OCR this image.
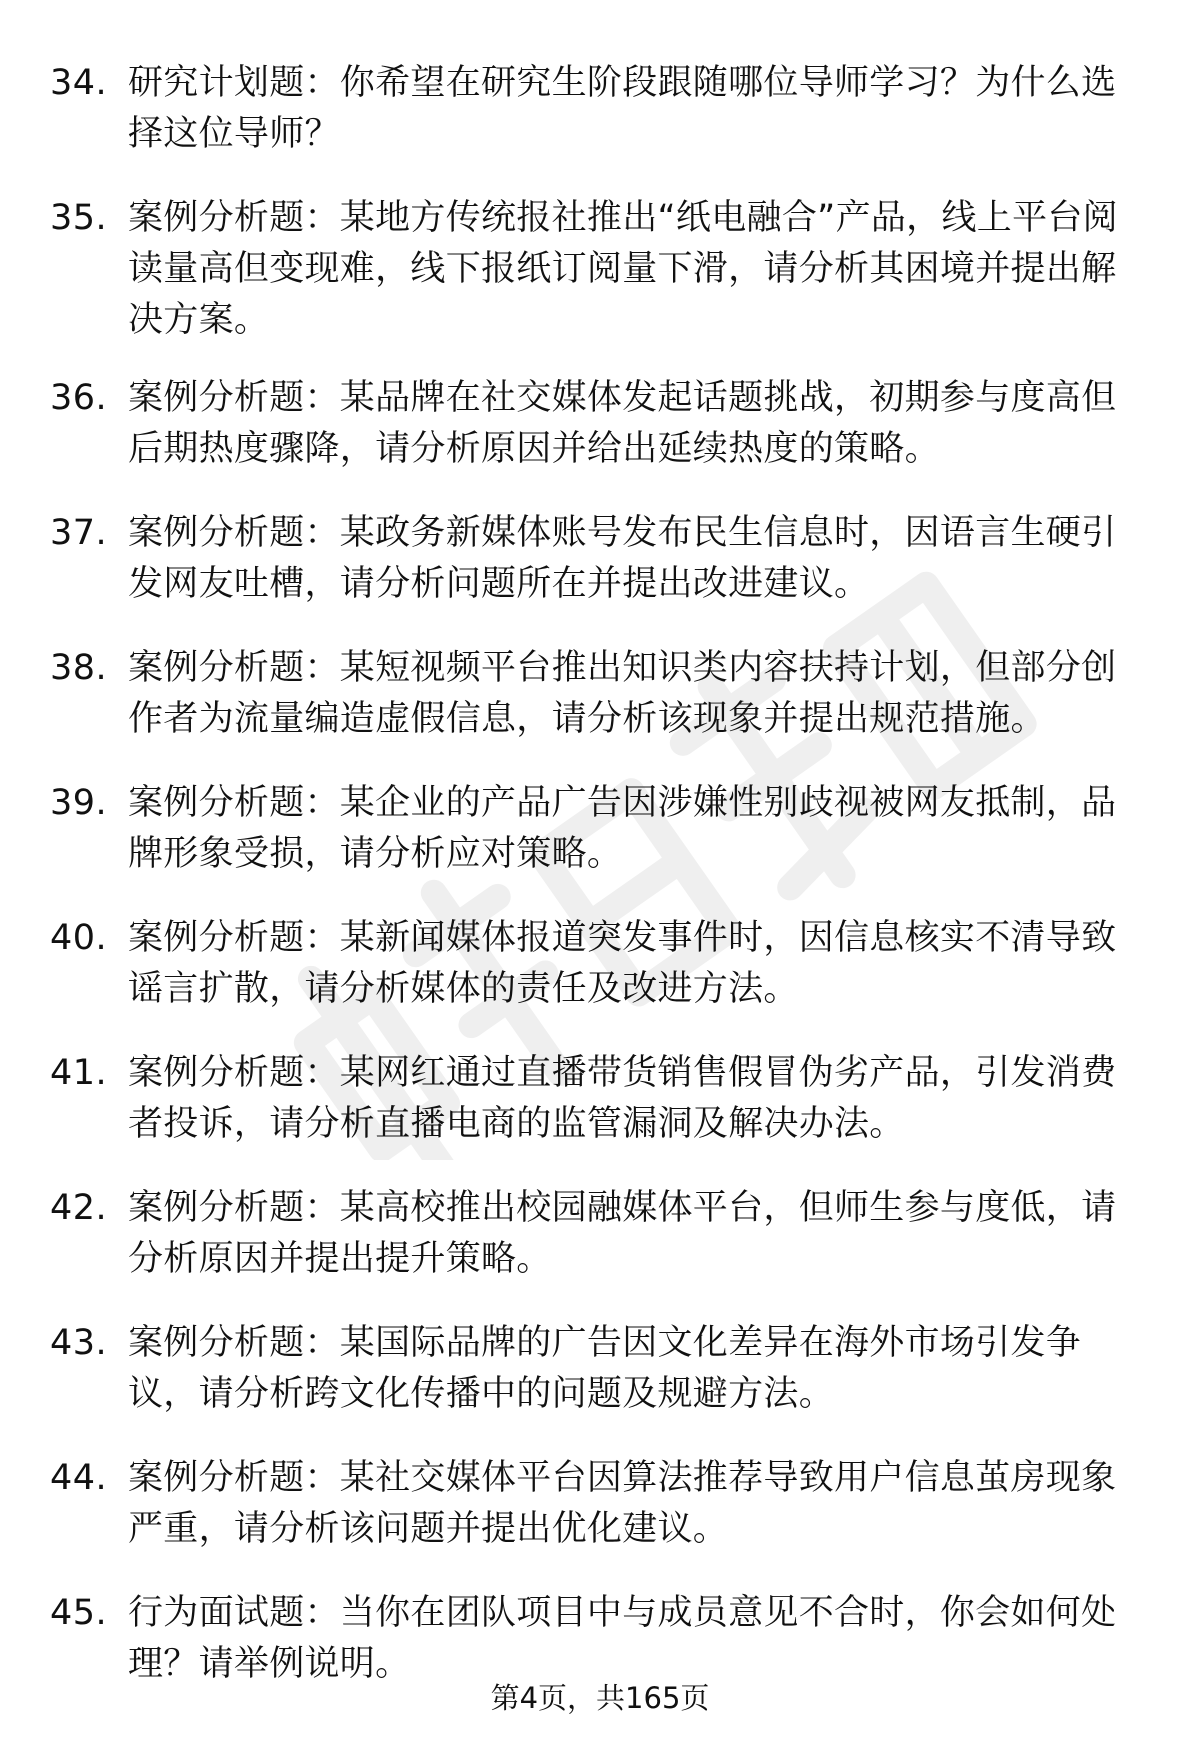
34. 研究计划题：你希望在研究生阶段跟随哪位导师学习？为什么选择这位导师？
35. 案例分析题：某地方传统报社推出“纸电融合”产品，线上平台阅读量高但变现难，线下报纸订阅量下滑，请分析其困境并提出解决方案。
36. 案例分析题：某品牌在社交媒体发起话题挑战，初期参与度高但后期热度骤降，请分析原因并给出延续热度的策略。
37. 案例分析题：某政务新媒体账号发布民生信息时，因语言生硬引发网友吐槽，请分析问题所在并提出改进建议。
38. 案例分析题：某短视频平台推出知识类内容扶持计划，但部分创作者为流量编造虚假信息，请分析该现象并提出规范措施。
39. 案例分析题：某企业的产品广告因涉嫌性别歧视被网友抵制，品牌形象受损，请分析应对策略。
40. 案例分析题：某新闻媒体报道突发事件时，因信息核实不清导致谣言扩散，请分析媒体的责任及改进方法。
41. 案例分析题：某网红通过直播带货销售假冒伪劣产品，引发消费者投诉，请分析直播电商的监管漏洞及解决办法。
42. 案例分析题：某高校推出校园融媒体平台，但师生参与度低，请分析原因并提出提升策略。
43. 案例分析题：某国际品牌的广告因文化差异在海外市场引发争议，请分析跨文化传播中的问题及规避方法。
44. 案例分析题：某社交媒体平台因算法推荐导致用户信息茧房现象严重，请分析该问题并提出优化建议。
45. 行为面试题：当你在团队项目中与成员意见不合时，你会如何处理？请举例说明。
第4页，共165页
